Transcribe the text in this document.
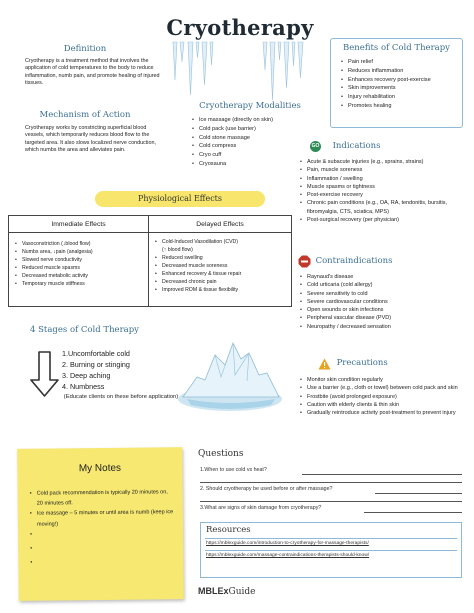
Cryotherapy
Definition
Cryotherapy is a treatment method that involves the application of cold temperatures to the body to reduce inflammation, numb pain, and promote healing of injured tissues.
Mechanism of Action
Cryotherapy works by constricting superficial blood vessels, which temporarily reduces blood flow to the targeted area. It also slows localized nerve conduction, which numbs the area and alleviates pain.
Benefits of Cold Therapy
• Pain relief
• Reduces inflammation
• Enhances recovery post-exercise
• Skin improvements
• Injury rehabilitation
• Promotes healing
Cryotherapy Modalities
• Ice massage (directly on skin)
• Cold pack (use barrier)
• Cold stone massage
• Cold compress
• Cryo cuff
• Cryosauna
GO Indications
• Acute & subacute injuries (e.g., sprains, strains)
• Pain, muscle soreness
• Inflammation / swelling
• Muscle spasms or tightness
• Post-exercise recovery
• Chronic pain conditions (e.g., OA, RA, tendonitis, bursitis, fibromyalgia, CTS, sciatica, MPS)
• Post-surgical recovery (per physician)
Contraindications
• Raynaud's disease
• Cold urticaria (cold allergy)
• Severe sensitivity to cold
• Severe cardiovascular conditions
• Open wounds or skin infections
• Peripheral vascular disease (PVD)
• Neuropathy / decreased sensation
Precautions
• Monitor skin condition regularly
• Use a barrier (e.g., cloth or towel) between cold pack and skin
• Frostbite (avoid prolonged exposure)
• Caution with elderly clients & thin skin
• Gradually reintroduce activity post-treatment to prevent injury
Physiological Effects
Immediate Effects
• Vasoconstriction (↓blood flow)
• Numbs area, ↓pain (analgesia)
• Slowed nerve conductivity
• Reduced muscle spasms
• Decreased metabolic activity
• Temporary muscle stiffness
Delayed Effects
• Cold-Induced Vasodilation (CVD)
(↑ blood flow)
• Reduced swelling
• Decreased muscle soreness
• Enhanced recovery & tissue repair
• Decreased chronic pain
• Improved ROM & tissue flexibility
4 Stages of Cold Therapy
1.Uncomfortable cold
2. Burning or stinging
3. Deep aching
4. Numbness
(Educate clients on these before application)
My Notes
• Cold pack recommendation is typically 20 minutes on, 20 minutes off.
• Ice massage – 5 minutes or until area is numb (keep ice moving!)
•
•
•
Questions
1.When to use cold vs heat?
2. Should cryotherapy be used before or after massage?
3.What are signs of skin damage from cryotherapy?
Resources
https://mblexguide.com/introduction-to-cryotherapy-for-massage-therapists/
https://mblexguide.com/massage-contraindications-therapists-should-know/
MBLExGuide
